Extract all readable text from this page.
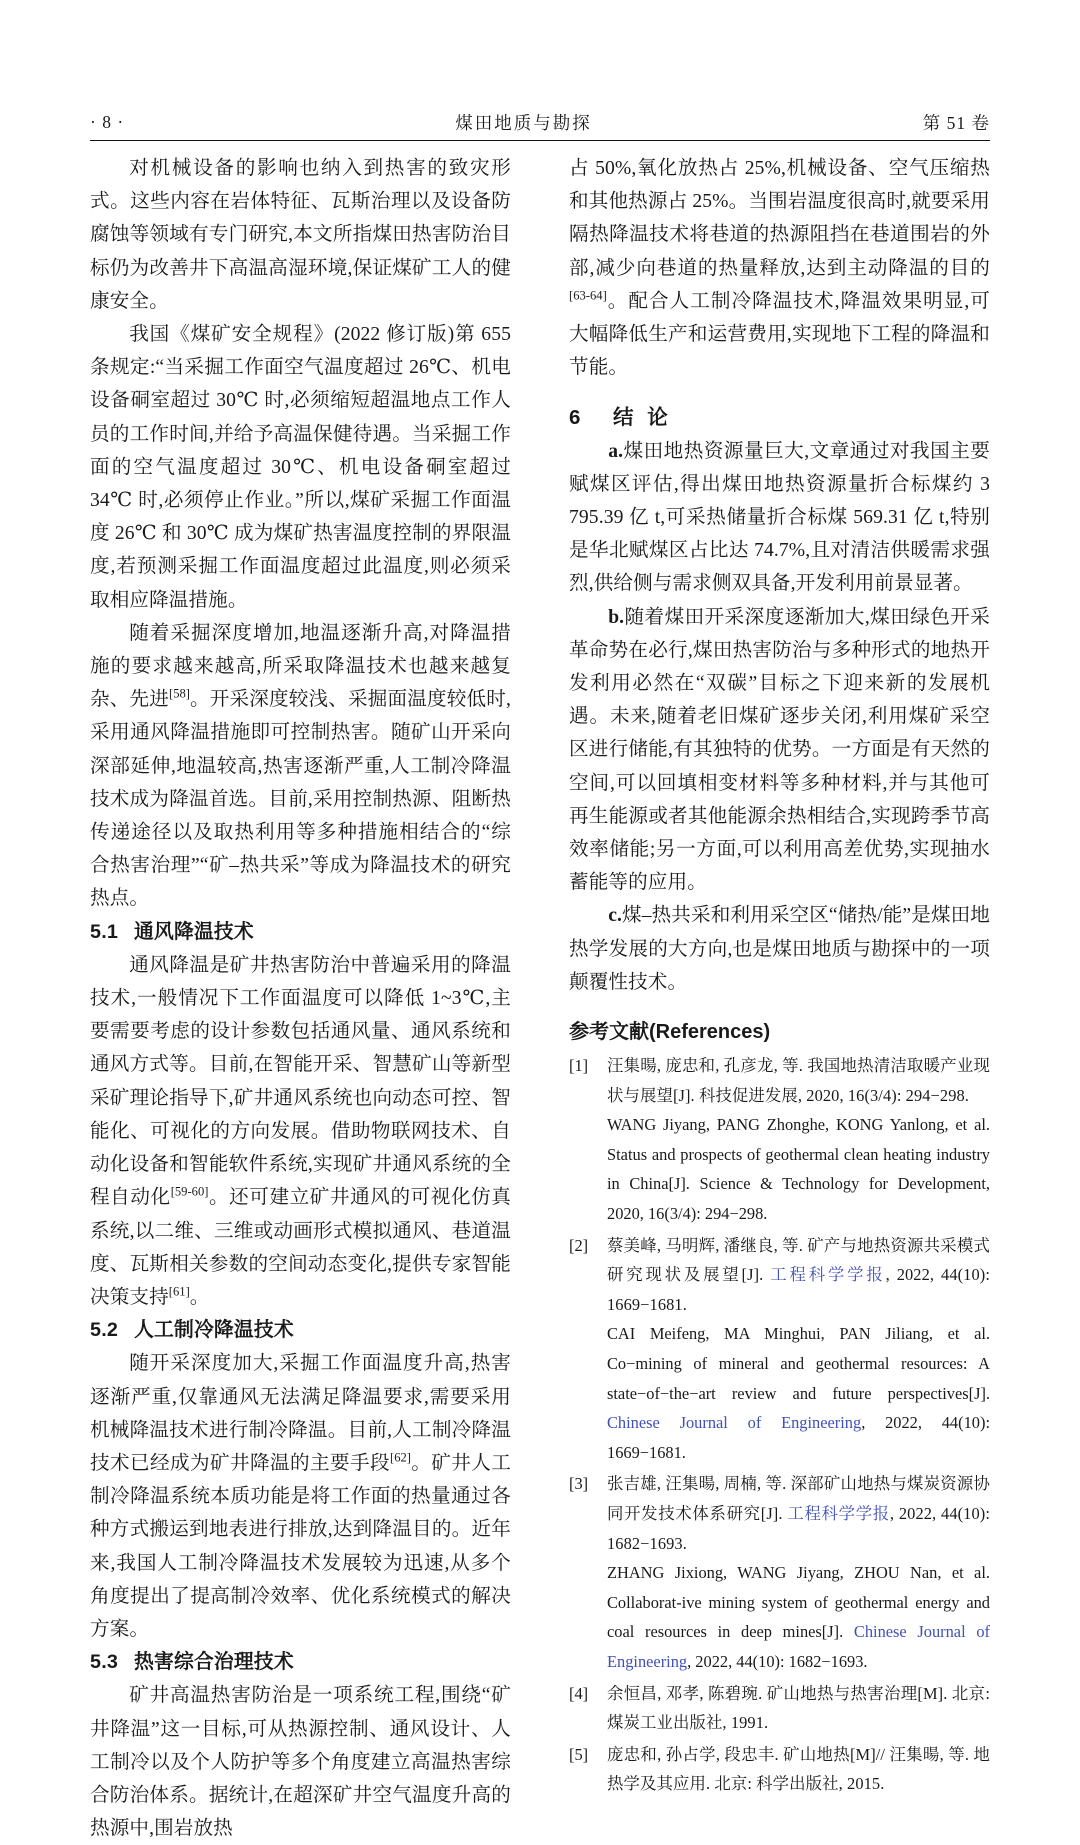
· 8 ·	煤田地质与勘探	第 51 卷

对机械设备的影响也纳入到热害的致灾形式。这些内容在岩体特征、瓦斯治理以及设备防腐蚀等领域有专门研究,本文所指煤田热害防治目标仍为改善井下高温高湿环境,保证煤矿工人的健康安全。

我国《煤矿安全规程》(2022 修订版)第 655 条规定:“当采掘工作面空气温度超过 26℃、机电设备硐室超过 30℃ 时,必须缩短超温地点工作人员的工作时间,并给予高温保健待遇。当采掘工作面的空气温度超过 30℃、机电设备硐室超过 34℃ 时,必须停止作业。”所以,煤矿采掘工作面温度 26℃ 和 30℃ 成为煤矿热害温度控制的界限温度,若预测采掘工作面温度超过此温度,则必须采取相应降温措施。

随着采掘深度增加,地温逐渐升高,对降温措施的要求越来越高,所采取降温技术也越来越复杂、先进[58]。开采深度较浅、采掘面温度较低时,采用通风降温措施即可控制热害。随矿山开采向深部延伸,地温较高,热害逐渐严重,人工制冷降温技术成为降温首选。目前,采用控制热源、阻断热传递途径以及取热利用等多种措施相结合的“综合热害治理”“矿–热共采”等成为降温技术的研究热点。

5.1 通风降温技术

通风降温是矿井热害防治中普遍采用的降温技术,一般情况下工作面温度可以降低 1~3℃,主要需要考虑的设计参数包括通风量、通风系统和通风方式等。目前,在智能开采、智慧矿山等新型采矿理论指导下,矿井通风系统也向动态可控、智能化、可视化的方向发展。借助物联网技术、自动化设备和智能软件系统,实现矿井通风系统的全程自动化[59-60]。还可建立矿井通风的可视化仿真系统,以二维、三维或动画形式模拟通风、巷道温度、瓦斯相关参数的空间动态变化,提供专家智能决策支持[61]。

5.2 人工制冷降温技术

随开采深度加大,采掘工作面温度升高,热害逐渐严重,仅靠通风无法满足降温要求,需要采用机械降温技术进行制冷降温。目前,人工制冷降温技术已经成为矿井降温的主要手段[62]。矿井人工制冷降温系统本质功能是将工作面的热量通过各种方式搬运到地表进行排放,达到降温目的。近年来,我国人工制冷降温技术发展较为迅速,从多个角度提出了提高制冷效率、优化系统模式的解决方案。

5.3 热害综合治理技术

矿井高温热害防治是一项系统工程,围绕“矿井降温”这一目标,可从热源控制、通风设计、人工制冷以及个人防护等多个角度建立高温热害综合防治体系。据统计,在超深矿井空气温度升高的热源中,围岩放热

占 50%,氧化放热占 25%,机械设备、空气压缩热和其他热源占 25%。当围岩温度很高时,就要采用隔热降温技术将巷道的热源阻挡在巷道围岩的外部,减少向巷道的热量释放,达到主动降温的目的[63-64]。配合人工制冷降温技术,降温效果明显,可大幅降低生产和运营费用,实现地下工程的降温和节能。

6 结 论

a.煤田地热资源量巨大,文章通过对我国主要赋煤区评估,得出煤田地热资源量折合标煤约 3 795.39 亿 t,可采热储量折合标煤 569.31 亿 t,特别是华北赋煤区占比达 74.7%,且对清洁供暖需求强烈,供给侧与需求侧双具备,开发利用前景显著。

b.随着煤田开采深度逐渐加大,煤田绿色开采革命势在必行,煤田热害防治与多种形式的地热开发利用必然在“双碳”目标之下迎来新的发展机遇。未来,随着老旧煤矿逐步关闭,利用煤矿采空区进行储能,有其独特的优势。一方面是有天然的空间,可以回填相变材料等多种材料,并与其他可再生能源或者其他能源余热相结合,实现跨季节高效率储能;另一方面,可以利用高差优势,实现抽水蓄能等的应用。

c.煤–热共采和利用采空区“储热/能”是煤田地热学发展的大方向,也是煤田地质与勘探中的一项颠覆性技术。

参考文献(References)
[1]	汪集暘, 庞忠和, 孔彦龙, 等. 我国地热清洁取暖产业现状与展望[J]. 科技促进发展, 2020, 16(3/4): 294−298.
WANG Jiyang, PANG Zhonghe, KONG Yanlong, et al. Status and prospects of geothermal clean heating industry in China[J]. Science & Technology for Development, 2020, 16(3/4): 294−298.
[2]	蔡美峰, 马明辉, 潘继良, 等. 矿产与地热资源共采模式研究现状及展望[J]. 工程科学学报, 2022, 44(10): 1669−1681.
CAI Meifeng, MA Minghui, PAN Jiliang, et al. Co−mining of mineral and geothermal resources: A state−of−the−art review and future perspectives[J]. Chinese Journal of Engineering, 2022, 44(10): 1669−1681.
[3]	张吉雄, 汪集暘, 周楠, 等. 深部矿山地热与煤炭资源协同开发技术体系研究[J]. 工程科学学报, 2022, 44(10): 1682−1693.
ZHANG Jixiong, WANG Jiyang, ZHOU Nan, et al. Collaborat-ive mining system of geothermal energy and coal resources in deep mines[J]. Chinese Journal of Engineering, 2022, 44(10): 1682−1693.
[4]	余恒昌, 邓孝, 陈碧琬. 矿山地热与热害治理[M]. 北京: 煤炭工业出版社, 1991.
[5]	庞忠和, 孙占学, 段忠丰. 矿山地热[M]// 汪集暘, 等. 地热学及其应用. 北京: 科学出版社, 2015.
